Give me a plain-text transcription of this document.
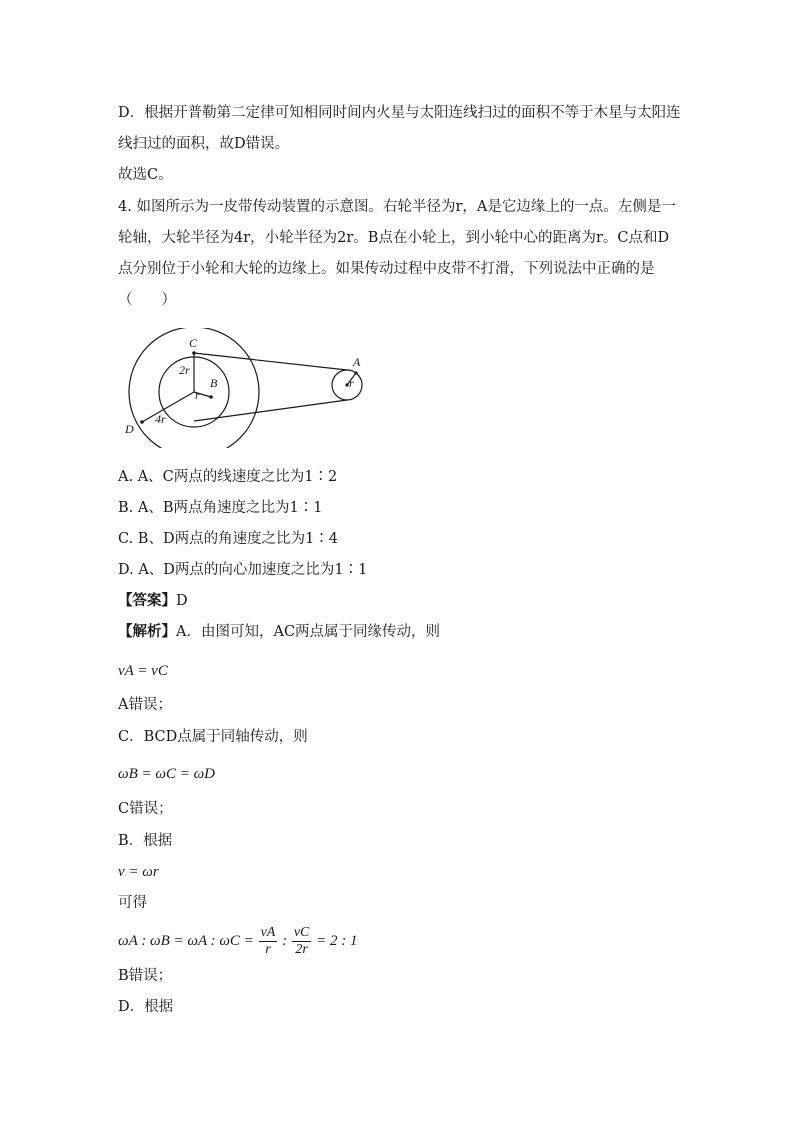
D．根据开普勒第二定律可知相同时间内火星与太阳连线扫过的面积不等于木星与太阳连
线扫过的面积，故D错误。
故选C。
4. 如图所示为一皮带传动装置的示意图。右轮半径为r，A是它边缘上的一点。左侧是一
轮轴，大轮半径为4r，小轮半径为2r。B点在小轮上，到小轮中心的距离为r。C点和D
点分别位于小轮和大轮的边缘上。如果传动过程中皮带不打滑，下列说法中正确的是
（　　）
C
2r
B
r
4r
D
A
r
A. A、C两点的线速度之比为1∶2
B. A、B两点角速度之比为1∶1
C. B、D两点的角速度之比为1∶4
D. A、D两点的向心加速度之比为1∶1
【答案】D
【解析】A．由图可知，AC两点属于同缘传动，则
vA = vC
A错误；
C．BCD点属于同轴传动，则
ωB = ωC = ωD
C错误；
B．根据
v = ωr
可得
ωA : ωB = ωA : $\omega C = \frac{vA}{r}$ : $\frac{vC}{2r} = 2$ : 1
B错误；
D．根据
